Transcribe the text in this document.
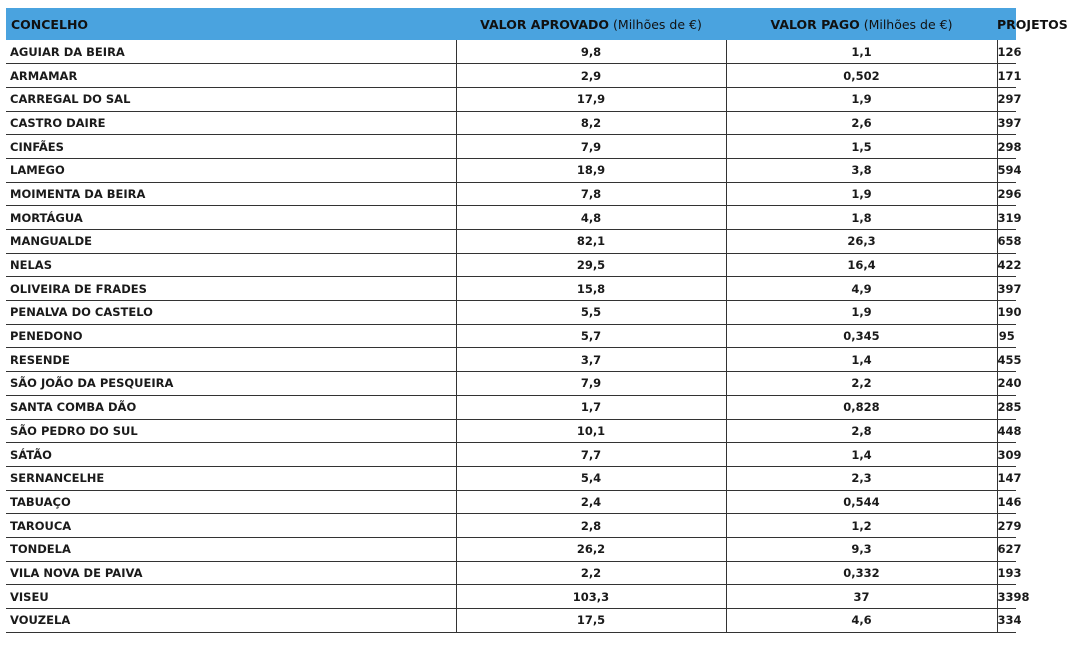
CONCELHO	VALOR APROVADO (Milhões de €)	VALOR PAGO (Milhões de €)	PROJETOS
AGUIAR DA BEIRA	9,8	1,1	126
ARMAMAR	2,9	0,502	171
CARREGAL DO SAL	17,9	1,9	297
CASTRO DAIRE	8,2	2,6	397
CINFÃES	7,9	1,5	298
LAMEGO	18,9	3,8	594
MOIMENTA DA BEIRA	7,8	1,9	296
MORTÁGUA	4,8	1,8	319
MANGUALDE	82,1	26,3	658
NELAS	29,5	16,4	422
OLIVEIRA DE FRADES	15,8	4,9	397
PENALVA DO CASTELO	5,5	1,9	190
PENEDONO	5,7	0,345	95
RESENDE	3,7	1,4	455
SÃO JOÃO DA PESQUEIRA	7,9	2,2	240
SANTA COMBA DÃO	1,7	0,828	285
SÃO PEDRO DO SUL	10,1	2,8	448
SÁTÃO	7,7	1,4	309
SERNANCELHE	5,4	2,3	147
TABUAÇO	2,4	0,544	146
TAROUCA	2,8	1,2	279
TONDELA	26,2	9,3	627
VILA NOVA DE PAIVA	2,2	0,332	193
VISEU	103,3	37	3398
VOUZELA	17,5	4,6	334
